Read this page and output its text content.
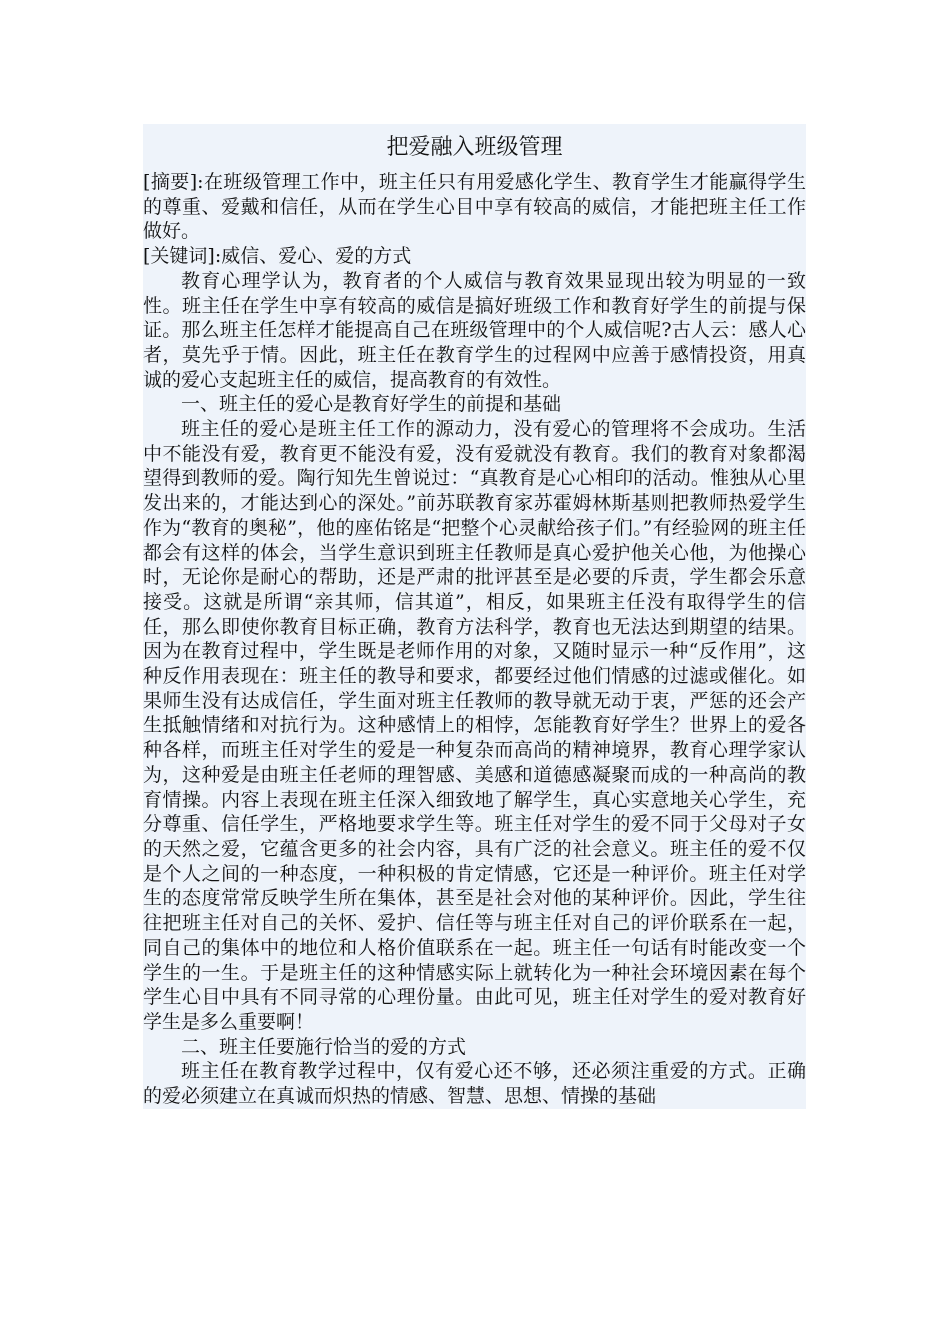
把爱融入班级管理

[摘要]:在班级管理工作中，班主任只有用爱感化学生、教育学生才能赢得学生的尊重、爱戴和信任，从而在学生心目中享有较高的威信，才能把班主任工作做好。

[关键词]:威信、爱心、爱的方式

教育心理学认为，教育者的个人威信与教育效果显现出较为明显的一致性。班主任在学生中享有较高的威信是搞好班级工作和教育好学生的前提与保证。那么班主任怎样才能提高自己在班级管理中的个人威信呢?古人云：感人心者，莫先乎于情。因此，班主任在教育学生的过程网中应善于感情投资，用真诚的爱心支起班主任的威信，提高教育的有效性。

一、班主任的爱心是教育好学生的前提和基础

班主任的爱心是班主任工作的源动力，没有爱心的管理将不会成功。生活中不能没有爱，教育更不能没有爱，没有爱就没有教育。我们的教育对象都渴望得到教师的爱。陶行知先生曾说过：“真教育是心心相印的活动。惟独从心里发出来的，才能达到心的深处。”前苏联教育家苏霍姆林斯基则把教师热爱学生作为“教育的奥秘”，他的座佑铭是“把整个心灵献给孩子们。”有经验网的班主任都会有这样的体会，当学生意识到班主任教师是真心爱护他关心他，为他操心时，无论你是耐心的帮助，还是严肃的批评甚至是必要的斥责，学生都会乐意接受。这就是所谓“亲其师，信其道”，相反，如果班主任没有取得学生的信任，那么即使你教育目标正确，教育方法科学，教育也无法达到期望的结果。因为在教育过程中，学生既是老师作用的对象，又随时显示一种“反作用”，这种反作用表现在：班主任的教导和要求，都要经过他们情感的过滤或催化。如果师生没有达成信任，学生面对班主任教师的教导就无动于衷，严惩的还会产生抵触情绪和对抗行为。这种感情上的相悖，怎能教育好学生？世界上的爱各种各样，而班主任对学生的爱是一种复杂而高尚的精神境界，教育心理学家认为，这种爱是由班主任老师的理智感、美感和道德感凝聚而成的一种高尚的教育情操。内容上表现在班主任深入细致地了解学生，真心实意地关心学生，充分尊重、信任学生，严格地要求学生等。班主任对学生的爱不同于父母对子女的天然之爱，它蕴含更多的社会内容，具有广泛的社会意义。班主任的爱不仅是个人之间的一种态度，一种积极的肯定情感，它还是一种评价。班主任对学生的态度常常反映学生所在集体，甚至是社会对他的某种评价。因此，学生往往把班主任对自己的关怀、爱护、信任等与班主任对自己的评价联系在一起，同自己的集体中的地位和人格价值联系在一起。班主任一句话有时能改变一个学生的一生。于是班主任的这种情感实际上就转化为一种社会环境因素在每个学生心目中具有不同寻常的心理份量。由此可见，班主任对学生的爱对教育好学生是多么重要啊！

二、班主任要施行恰当的爱的方式

班主任在教育教学过程中，仅有爱心还不够，还必须注重爱的方式。正确的爱必须建立在真诚而炽热的情感、智慧、思想、情操的基础
